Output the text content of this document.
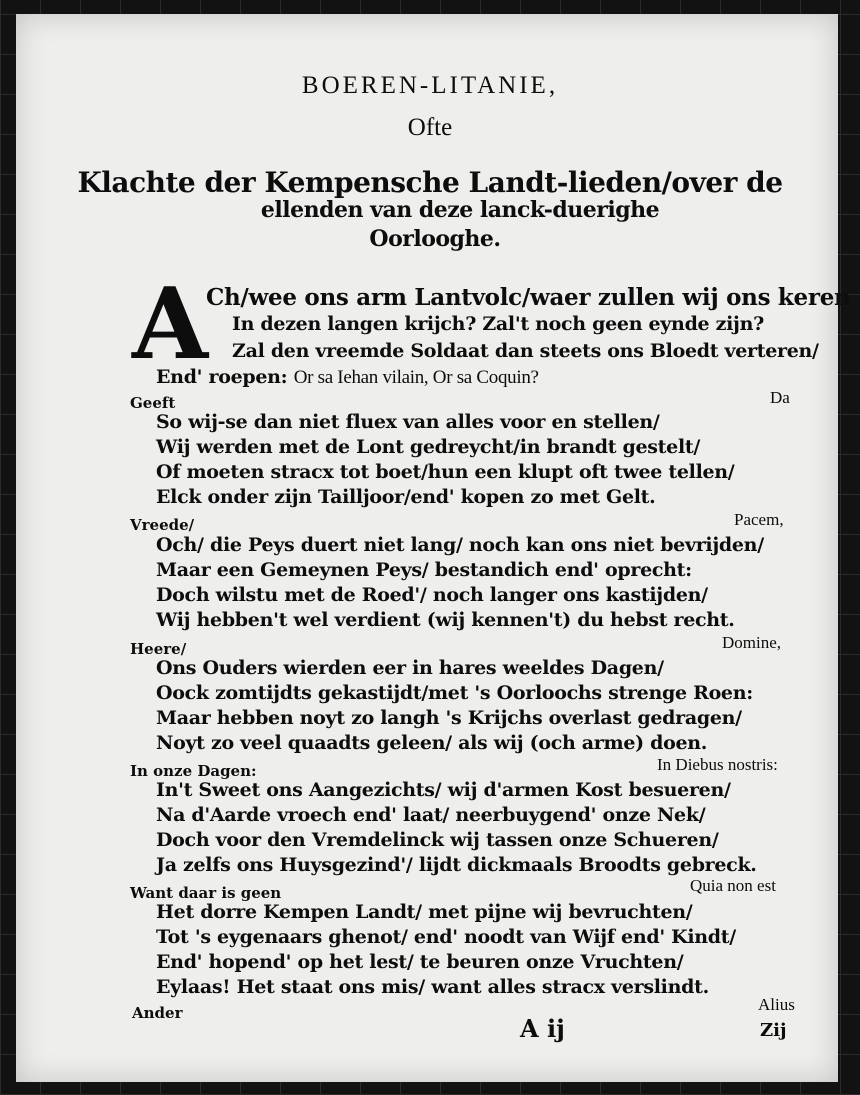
BOEREN-LITANIE,
Ofte
Klachte der Kempensche Landt-lieden/over de
ellenden van deze lanck-duerighe
Oorlooghe.
A
Ch/wee ons arm Lantvolc/waer zullen wij ons keren
In dezen langen krijch? Zal't noch geen eynde zijn?
Zal den vreemde Soldaat dan steets ons Bloedt verteren/
End' roepen: Or sa Iehan vilain, Or sa Coquin?
Geeft	Da
So wij-se dan niet fluex van alles voor en stellen/
Wij werden met de Lont gedreycht/in brandt gestelt/
Of moeten stracx tot boet/hun een klupt oft twee tellen/
Elck onder zijn Tailljoor/end' kopen zo met Gelt.
Vreede/	Pacem,
Och/ die Peys duert niet lang/ noch kan ons niet bevrijden/
Maar een Gemeynen Peys/ bestandich end' oprecht:
Doch wilstu met de Roed'/ noch langer ons kastijden/
Wij hebben't wel verdient (wij kennen't) du hebst recht.
Heere/	Domine,
Ons Ouders wierden eer in hares weeldes Dagen/
Oock zomtijdts gekastijdt/met 's Oorloochs strenge Roen:
Maar hebben noyt zo langh 's Krijchs overlast gedragen/
Noyt zo veel quaadts geleen/ als wij (och arme) doen.
In onze Dagen:	In Diebus nostris:
In't Sweet ons Aangezichts/ wij d'armen Kost besueren/
Na d'Aarde vroech end' laat/ neerbuygend' onze Nek/
Doch voor den Vremdelinck wij tassen onze Schueren/
Ja zelfs ons Huysgezind'/ lijdt dickmaals Broodts gebreck.
Want daar is geen	Quia non est
Het dorre Kempen Landt/ met pijne wij bevruchten/
Tot 's eygenaars ghenot/ end' noodt van Wijf end' Kindt/
End' hopend' op het lest/ te beuren onze Vruchten/
Eylaas! Het staat ons mis/ want alles stracx verslindt.
Ander
A ij
Alius
Zij
